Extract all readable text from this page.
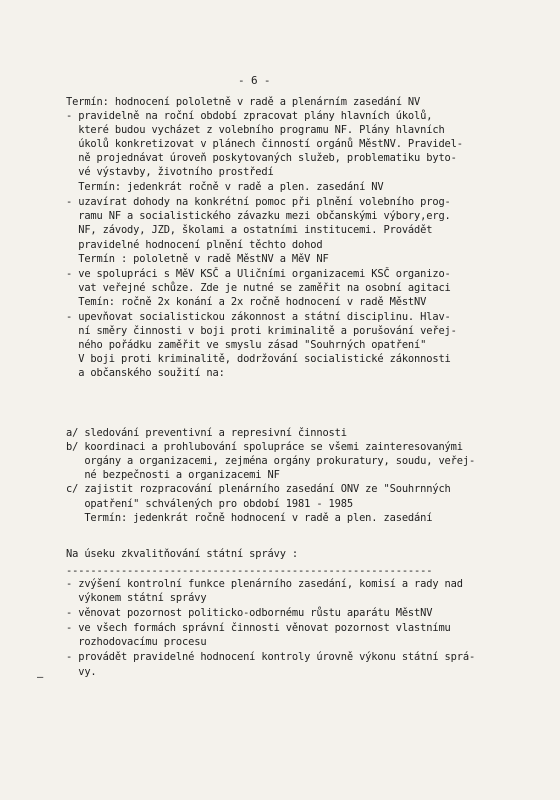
- 6 -
Termín: hodnocení pololetně v radě a plenárním zasedání NV
- pravidelně na roční období zpracovat plány hlavních úkolů,
které budou vycházet z volebního programu NF. Plány hlavních
úkolů konkretizovat v plánech činností orgánů MěstNV. Pravidel-
ně projednávat úroveň poskytovaných služeb, problematiku byto-
vé výstavby, životního prostředí
Termín: jedenkrát ročně v radě a plen. zasedání NV
- uzavírat dohody na konkrétní pomoc při plnění volebního prog-
ramu NF a socialistického závazku mezi občanskými výbory,erg.
NF, závody, JZD, školami a ostatními institucemi. Provádět
pravidelné hodnocení plnění těchto dohod
Termín : pololetně v radě MěstNV a MěV NF
- ve spolupráci s MěV KSČ a Uličními organizacemi KSČ organizo-
vat veřejné schůze. Zde je nutné se zaměřit na osobní agitaci
Temín: ročně 2x konání a 2x ročně hodnocení v radě MěstNV
- upevňovat socialistickou zákonnost a státní disciplinu. Hlav-
ní směry činnosti v boji proti kriminalitě a porušování veřej-
ného pořádku zaměřit ve smyslu zásad "Souhrných opatření"
V boji proti kriminalitě, dodržování socialistické zákonnosti
a občanského soužití na:
a/ sledování preventivní a represivní činnosti
b/ koordinaci a prohlubování spolupráce se všemi zainteresovanými
orgány a organizacemi, zejména orgány prokuratury, soudu, veřej-
né bezpečnosti a organizacemi NF
c/ zajistit rozpracování plenárního zasedání ONV ze "Souhrnných
opatření" schválených pro období 1981 - 1985
Termín: jedenkrát ročně hodnocení v radě a plen. zasedání
Na úseku zkvalitňování státní správy :
------------------------------------------------------------
- zvýšení kontrolní funkce plenárního zasedání, komisí a rady nad
výkonem státní správy
- věnovat pozornost politicko-odbornému růstu aparátu MěstNV
- ve všech formách správní činnosti věnovat pozornost vlastnímu
rozhodovacímu procesu
- provádět pravidelné hodnocení kontroly úrovně výkonu státní sprá-
vy.
—
